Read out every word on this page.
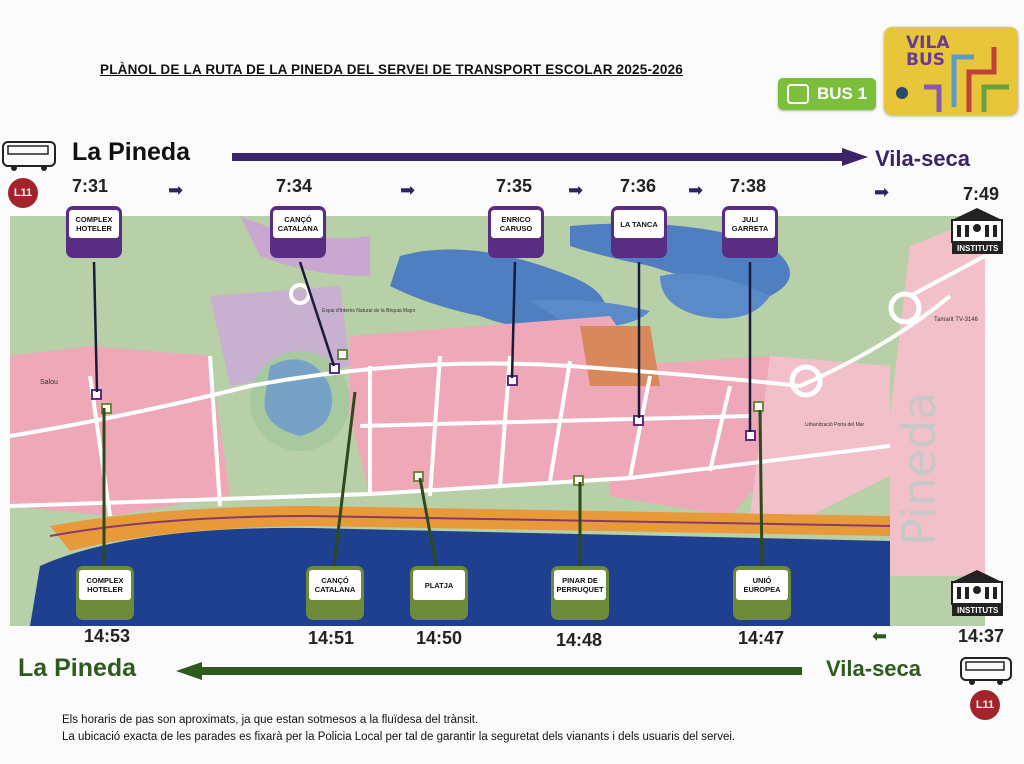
PLÀNOL DE LA RUTA DE LA PINEDA DEL SERVEI DE TRANSPORT ESCOLAR 2025-2026
BUS 1
VILA
BUS
La Pineda	Vila-seca
L11	7:31	➡	7:34	➡	7:35 ➡ 7:36 ➡ 7:38	➡	7:49
Pineda
Tamarit TV-3146
Salou
Espai d'Interès Natural de la Bèquia Major
Urbanització Porta del Mar
COMPLEX HOTELER
CANÇÓ CATALANA
ENRICO CARUSO	LA TANCA	JULI GARRETA
INSTITUTS
COMPLEX HOTELER
CANÇÓ CATALANA	PLATJA	PINAR DE PERRUQUET
UNIÓ EUROPEA
INSTITUTS
14:53	14:51	14:50	14:48	14:47	⬅	14:37
La Pineda	Vila-seca
L11
Els horaris de pas son aproximats, ja que estan sotmesos a la fluïdesa del trànsit.
La ubicació exacta de les parades es fixarà per la Policia Local per tal de garantir la seguretat dels vianants i dels usuaris del servei.
